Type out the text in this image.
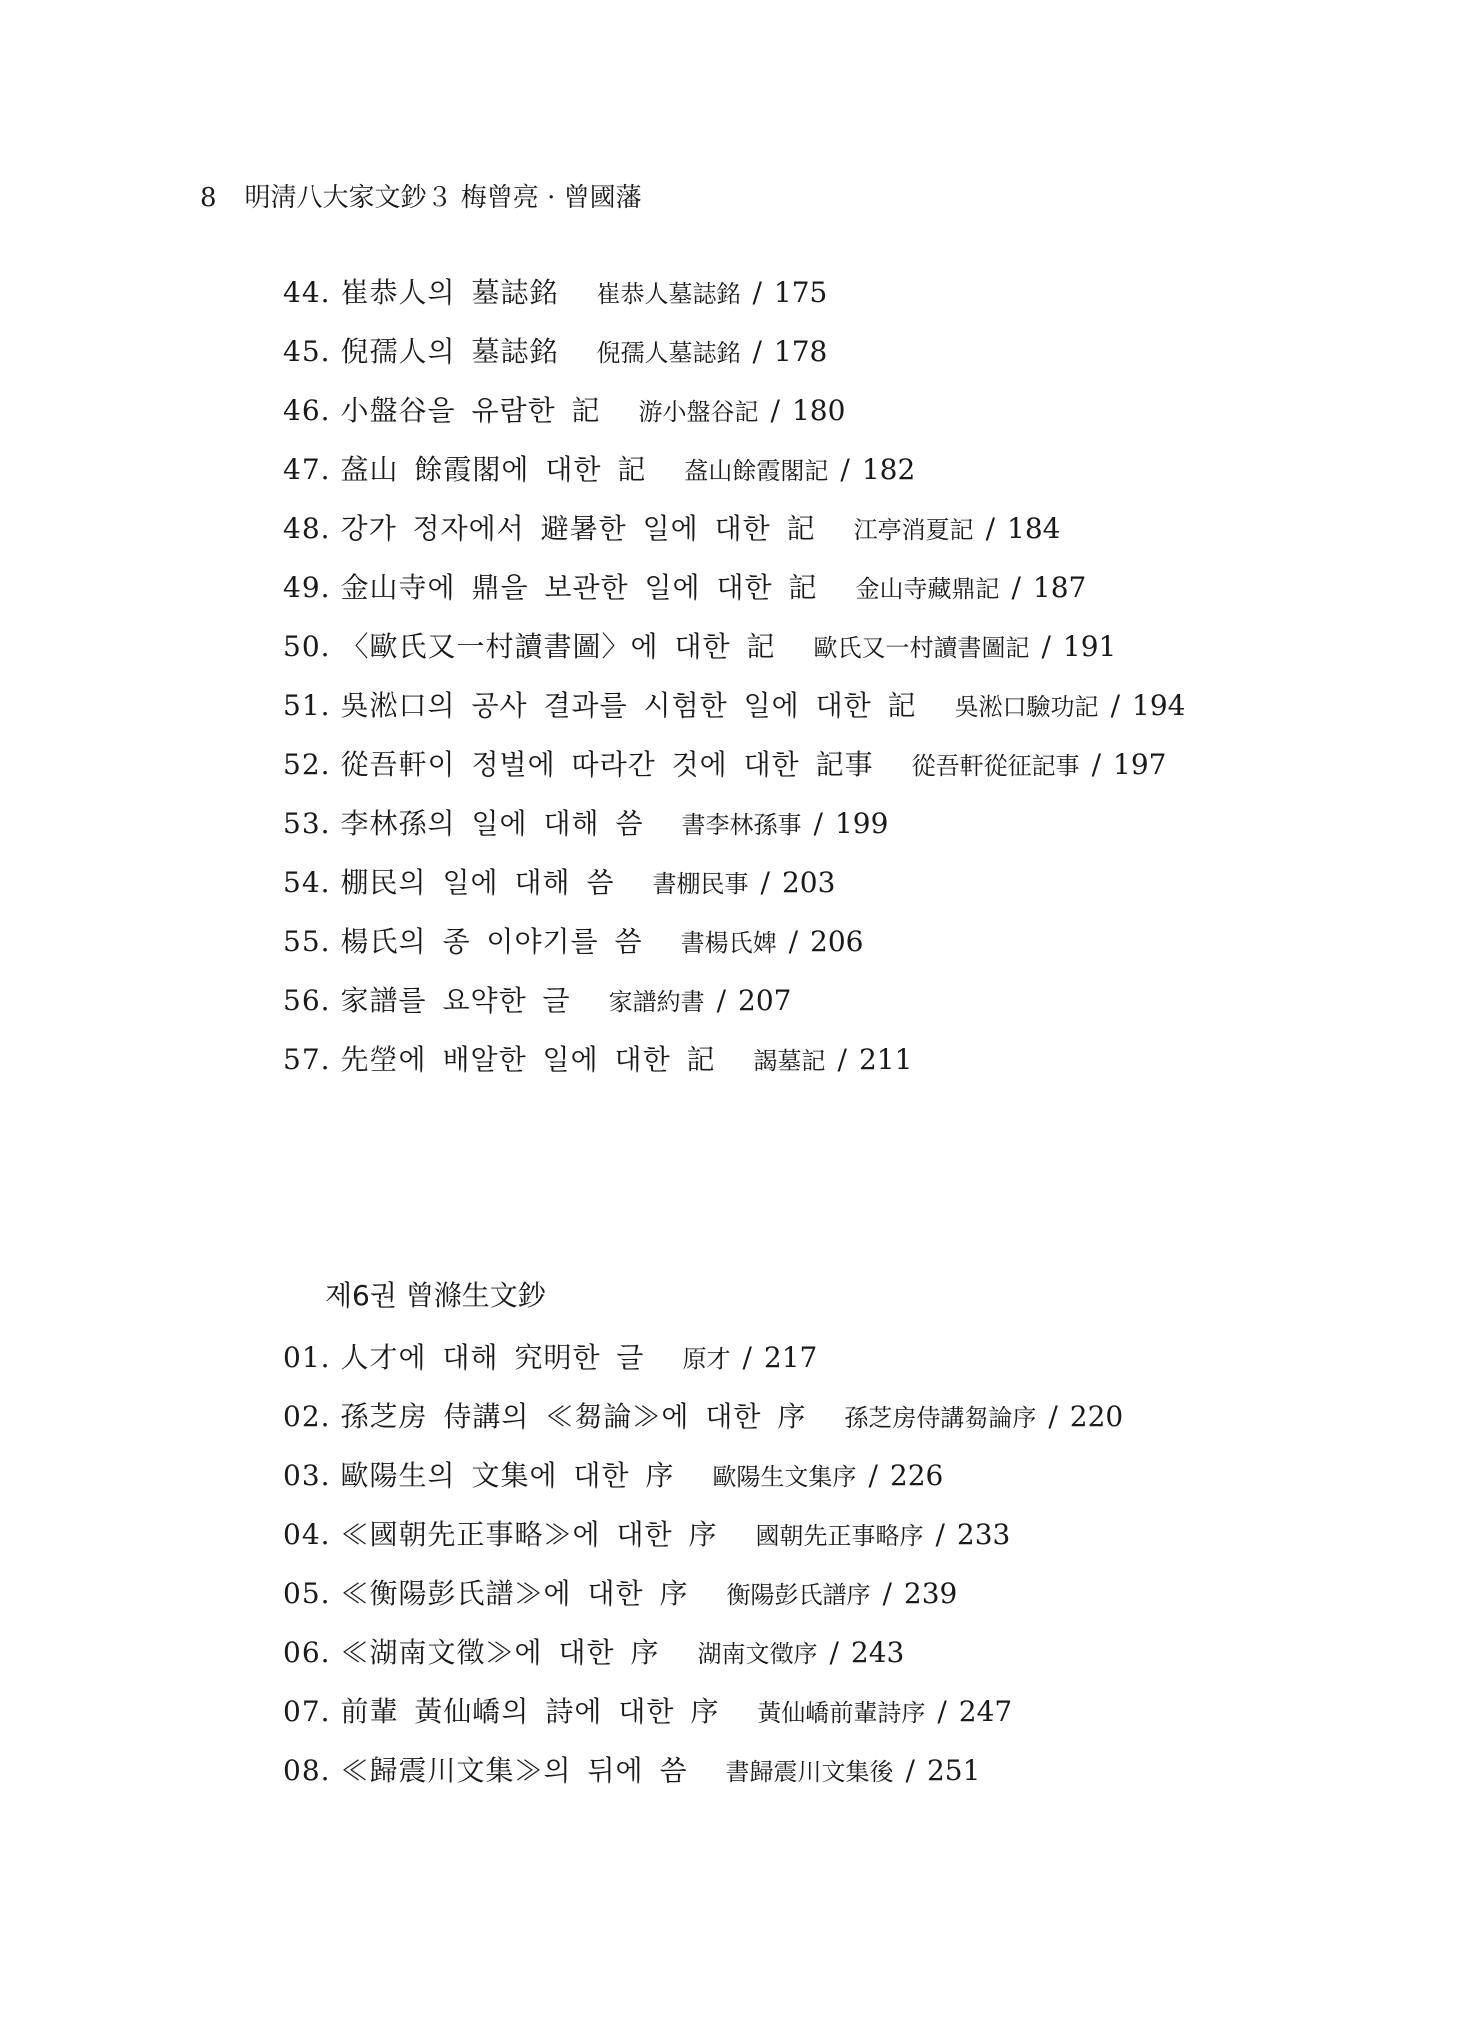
8 明淸八大家文鈔３ 梅曾亮 · 曾國藩
44. 崔恭人의 墓誌銘 崔恭人墓誌銘 / 175
45. 倪孺人의 墓誌銘 倪孺人墓誌銘 / 178
46. 小盤谷을 유람한 記 游小盤谷記 / 180
47. 盋山 餘霞閣에 대한 記 盋山餘霞閣記 / 182
48. 강가 정자에서 避暑한 일에 대한 記 江亭消夏記 / 184
49. 金山寺에 鼎을 보관한 일에 대한 記 金山寺藏鼎記 / 187
50. 〈歐氏又一村讀書圖〉에 대한 記 歐氏又一村讀書圖記 / 191
51. 吳淞口의 공사 결과를 시험한 일에 대한 記 吳淞口驗功記 / 194
52. 從吾軒이 정벌에 따라간 것에 대한 記事 從吾軒從征記事 / 197
53. 李林孫의 일에 대해 씀 書李林孫事 / 199
54. 棚民의 일에 대해 씀 書棚民事 / 203
55. 楊氏의 종 이야기를 씀 書楊氏婢 / 206
56. 家譜를 요약한 글 家譜約書 / 207
57. 先塋에 배알한 일에 대한 記 謁墓記 / 211
제6권 曾滌生文鈔
01. 人才에 대해 究明한 글 原才 / 217
02. 孫芝房 侍講의 ≪芻論≫에 대한 序 孫芝房侍講芻論序 / 220
03. 歐陽生의 文集에 대한 序 歐陽生文集序 / 226
04. ≪國朝先正事略≫에 대한 序 國朝先正事略序 / 233
05. ≪衡陽彭氏譜≫에 대한 序 衡陽彭氏譜序 / 239
06. ≪湖南文徵≫에 대한 序 湖南文徵序 / 243
07. 前輩 黃仙嶠의 詩에 대한 序 黃仙嶠前輩詩序 / 247
08. ≪歸震川文集≫의 뒤에 씀 書歸震川文集後 / 251
